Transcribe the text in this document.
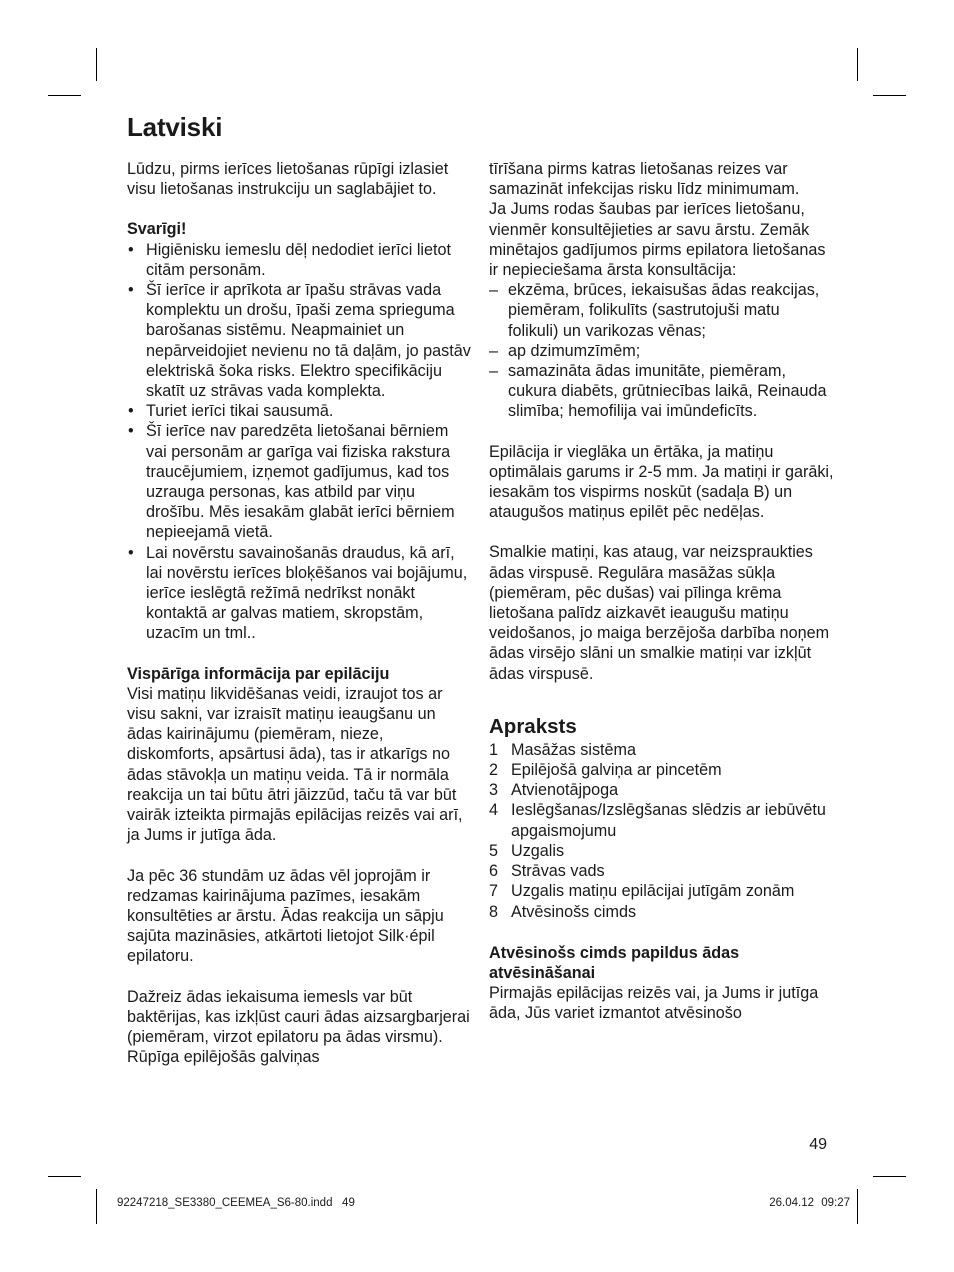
Latviski

Lūdzu, pirms ierīces lietošanas rūpīgi izlasiet visu lietošanas instrukciju un saglabājiet to.

Svarīgi!

• Higiēnisku iemeslu dēļ nedodiet ierīci lietot citām personām.
• Šī ierīce ir aprīkota ar īpašu strāvas vada komplektu un drošu, īpaši zema sprieguma barošanas sistēmu. Neapmainiet un nepārveidojiet nevienu no tā daļām, jo pastāv elektriskā šoka risks. Elektro specifikāciju skatīt uz strāvas vada komplekta.
• Turiet ierīci tikai sausumā.
• Šī ierīce nav paredzēta lietošanai bērniem vai personām ar garīga vai fiziska rakstura traucējumiem, izņemot gadījumus, kad tos uzrauga personas, kas atbild par viņu drošību. Mēs iesakām glabāt ierīci bērniem nepieejamā vietā.
• Lai novērstu savainošanās draudus, kā arī, lai novērstu ierīces bloķēšanos vai bojājumu, ierīce ieslēgtā režīmā nedrīkst nonākt kontaktā ar galvas matiem, skropstām, uzacīm un tml..

Vispārīga informācija par epilāciju

Visi matiņu likvidēšanas veidi, izraujot tos ar visu sakni, var izraisīt matiņu ieaugšanu un ādas kairinājumu (piemēram, nieze, diskomforts, apsārtusi āda), tas ir atkarīgs no ādas stāvokļa un matiņu veida. Tā ir normāla reakcija un tai būtu ātri jāizzūd, taču tā var būt vairāk izteikta pirmajās epilācijas reizēs vai arī, ja Jums ir jutīga āda.

Ja pēc 36 stundām uz ādas vēl joprojām ir redzamas kairinājuma pazīmes, iesakām konsultēties ar ārstu. Ādas reakcija un sāpju sajūta mazināsies, atkārtoti lietojot Silk·épil epilatoru.

Dažreiz ādas iekaisuma iemesls var būt baktērijas, kas izkļūst cauri ādas aizsargbarjerai (piemēram, virzot epilatoru pa ādas virsmu). Rūpīga epilējošās galviņas

tīrīšana pirms katras lietošanas reizes var samazināt infekcijas risku līdz minimumam.

Ja Jums rodas šaubas par ierīces lietošanu, vienmēr konsultējieties ar savu ārstu. Zemāk minētajos gadījumos pirms epilatora lietošanas ir nepieciešama ārsta konsultācija:

– ekzēma, brūces, iekaisušas ādas reakcijas, piemēram, folikulīts (sastrutojuši matu folikuli) un varikozas vēnas;
– ap dzimumzīmēm;
– samazināta ādas imunitāte, piemēram, cukura diabēts, grūtniecības laikā, Reinauda slimība; hemofilija vai imūndeficīts.

Epilācija ir vieglāka un ērtāka, ja matiņu optimālais garums ir 2-5 mm. Ja matiņi ir garāki, iesakām tos vispirms noskūt (sadaļa B) un ataugušos matiņus epilēt pēc nedēļas.

Smalkie matiņi, kas ataug, var neizspraukties ādas virspusē. Regulāra masāžas sūkļa (piemēram, pēc dušas) vai pīlinga krēma lietošana palīdz aizkavēt ieaugušu matiņu veidošanos, jo maiga berzējoša darbība noņem ādas virsējo slāni un smalkie matiņi var izkļūt ādas virspusē.

Apraksts
1 Masāžas sistēma
2 Epilējošā galviņa ar pincetēm
3 Atvienotājpoga
4 Ieslēgšanas/Izslēgšanas slēdzis ar iebūvētu apgaismojumu
5 Uzgalis
6 Strāvas vads
7 Uzgalis matiņu epilācijai jutīgām zonām
8 Atvēsinošs cimds

Atvēsinošs cimds papildus ādas atvēsināšanai

Pirmajās epilācijas reizēs vai, ja Jums ir jutīga āda, Jūs variet izmantot atvēsinošo

49
92247218_SE3380_CEEMEA_S6-80.indd   49	26.04.12 09:27
